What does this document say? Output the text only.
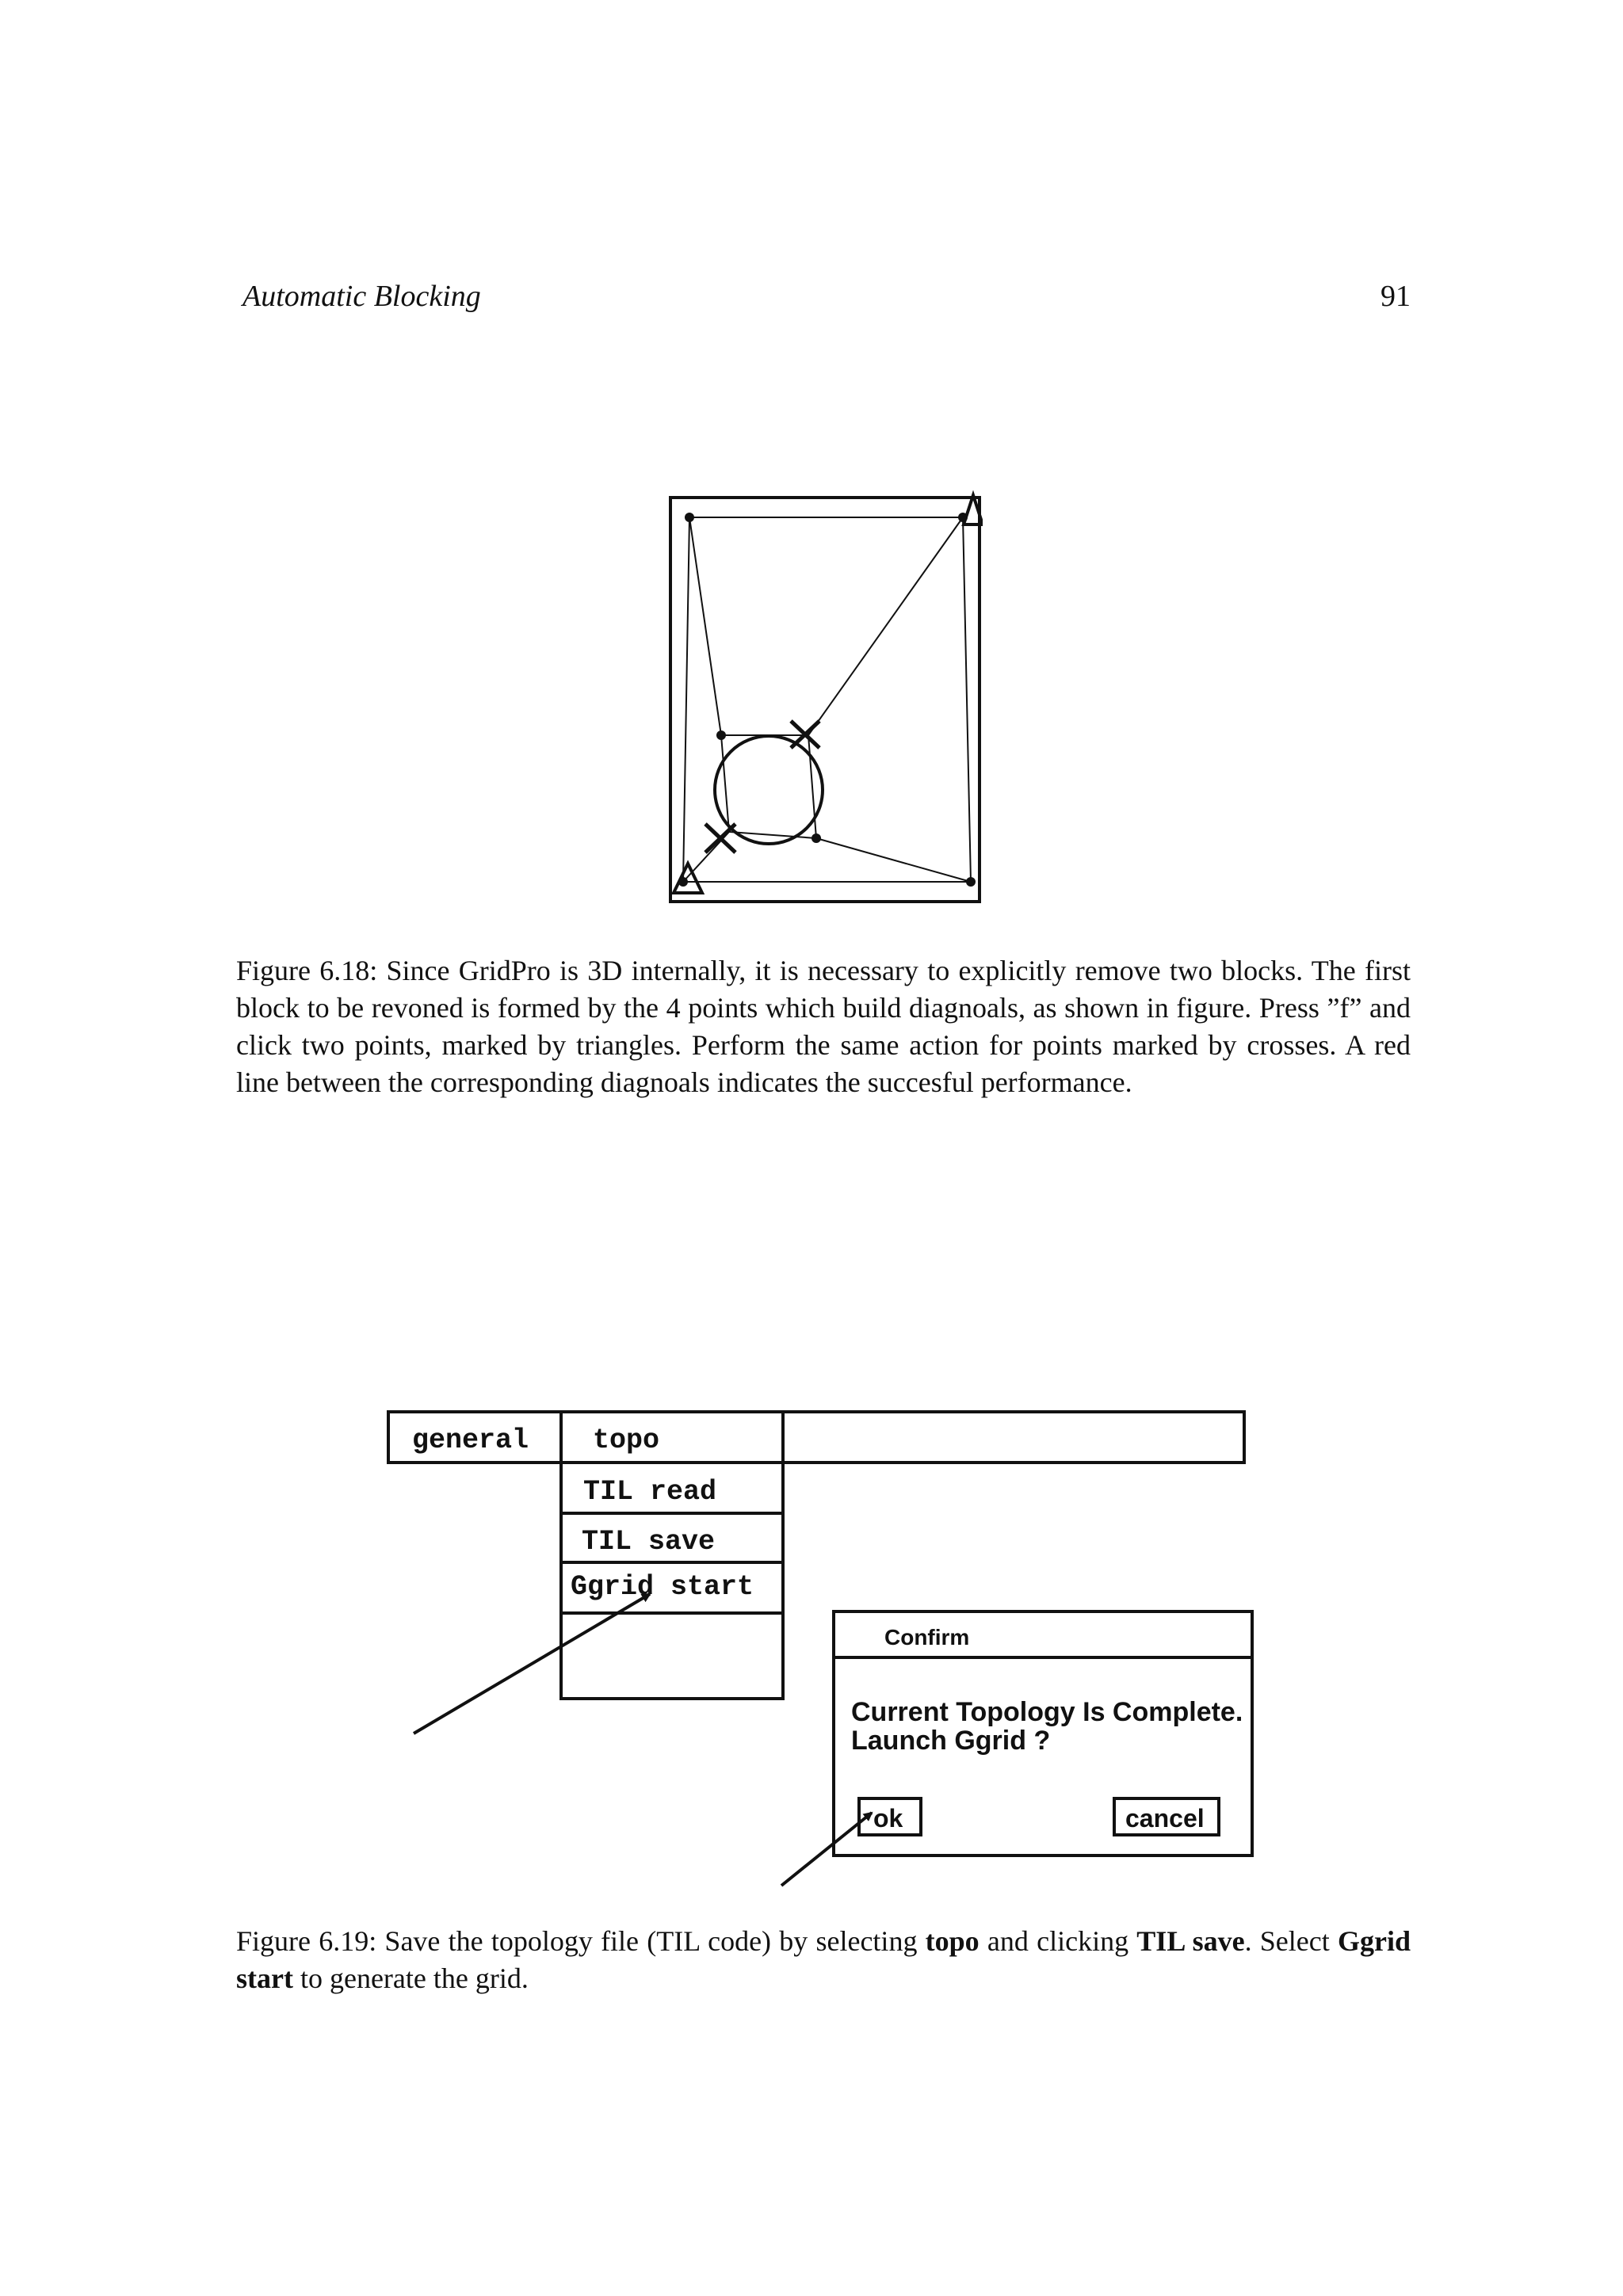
Automatic Blocking	91
Figure 6.18: Since GridPro is 3D internally, it is necessary to explicitly remove two blocks. The first block to be revoned is formed by the 4 points which build diagnoals, as shown in figure. Press ”f” and click two points, marked by triangles. Perform the same action for points marked by crosses. A red line between the corresponding diagnoals indicates the succesful performance.
general topo
TIL read
TIL save
Ggrid start
Confirm
Current Topology Is Complete.
Launch Ggrid ?
ok	cancel
Figure 6.19: Save the topology file (TIL code) by selecting topo and clicking TIL save. Select Ggrid start to generate the grid.
